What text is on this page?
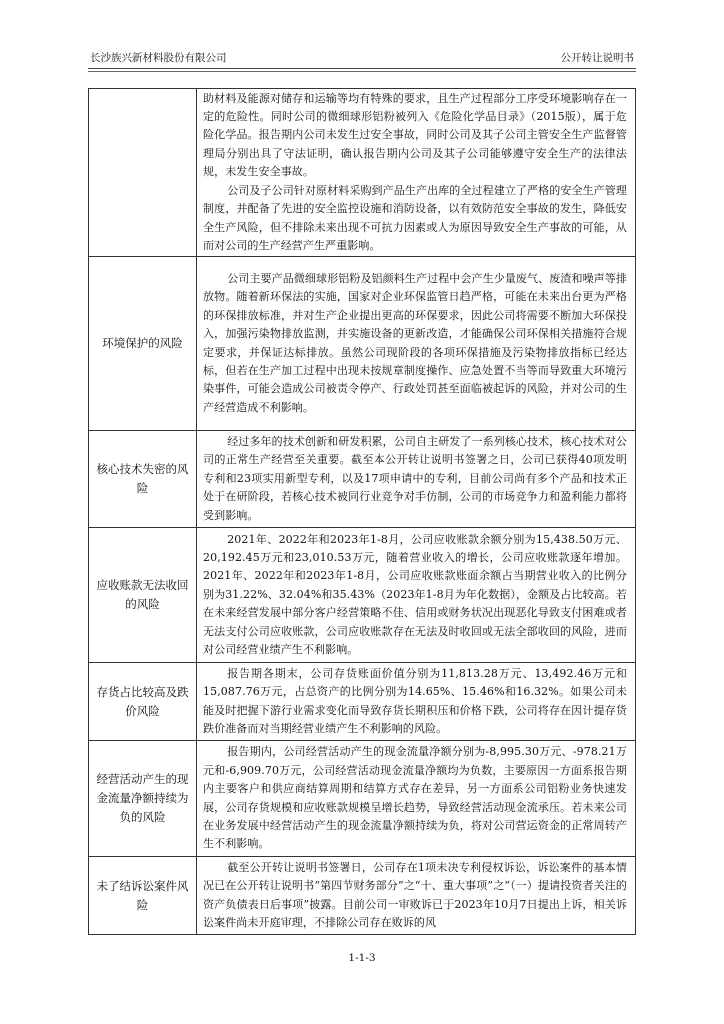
长沙族兴新材料股份有限公司	公开转让说明书

	助材料及能源对储存和运输等均有特殊的要求，且生产过程部分工序受环境影响存在一定的危险性。同时公司的微细球形铝粉被列入《危险化学品目录》（2015版），属于危险化学品。报告期内公司未发生过安全事故，同时公司及其子公司主管安全生产监督管理局分别出具了守法证明，确认报告期内公司及其子公司能够遵守安全生产的法律法规，未发生安全事故。

公司及子公司针对原材料采购到产品生产出库的全过程建立了严格的安全生产管理制度，并配备了先进的安全监控设施和消防设备，以有效防范安全事故的发生，降低安全生产风险，但不排除未来出现不可抗力因素或人为原因导致安全生产事故的可能，从而对公司的生产经营产生严重影响。

环境保护的风险	公司主要产品微细球形铝粉及铝颜料生产过程中会产生少量废气、废渣和噪声等排放物。随着新环保法的实施，国家对企业环保监管日趋严格，可能在未来出台更为严格的环保排放标准，并对生产企业提出更高的环保要求，因此公司将需要不断加大环保投入，加强污染物排放监测，并实施设备的更新改造，才能确保公司环保相关措施符合规定要求，并保证达标排放。虽然公司现阶段的各项环保措施及污染物排放指标已经达标，但若在生产加工过程中出现未按规章制度操作、应急处置不当等而导致重大环境污染事件，可能会造成公司被责令停产、行政处罚甚至面临被起诉的风险，并对公司的生产经营造成不利影响。

核心技术失密的风险	经过多年的技术创新和研发积累，公司自主研发了一系列核心技术，核心技术对公司的正常生产经营至关重要。截至本公开转让说明书签署之日，公司已获得40项发明专利和23项实用新型专利，以及17项申请中的专利，目前公司尚有多个产品和技术正处于在研阶段，若核心技术被同行业竞争对手仿制，公司的市场竞争力和盈利能力都将受到影响。

应收账款无法收回的风险	2021年、2022年和2023年1-8月，公司应收账款余额分别为15,438.50万元、20,192.45万元和23,010.53万元，随着营业收入的增长，公司应收账款逐年增加。2021年、2022年和2023年1-8月，公司应收账款账面余额占当期营业收入的比例分别为31.22%、32.04%和35.43%（2023年1-8月为年化数据），金额及占比较高。若在未来经营发展中部分客户经营策略不佳、信用或财务状况出现恶化导致支付困难或者无法支付公司应收账款，公司应收账款存在无法及时收回或无法全部收回的风险，进而对公司经营业绩产生不利影响。

存货占比较高及跌价风险	报告期各期末，公司存货账面价值分别为11,813.28万元、13,492.46万元和15,087.76万元，占总资产的比例分别为14.65%、15.46%和16.32%。如果公司未能及时把握下游行业需求变化而导致存货长期积压和价格下跌，公司将存在因计提存货跌价准备而对当期经营业绩产生不利影响的风险。

经营活动产生的现金流量净额持续为负的风险	报告期内，公司经营活动产生的现金流量净额分别为-8,995.30万元、-978.21万元和-6,909.70万元，公司经营活动现金流量净额均为负数，主要原因一方面系报告期内主要客户和供应商结算周期和结算方式存在差异，另一方面系公司铝粉业务快速发展，公司存货规模和应收账款规模呈增长趋势，导致经营活动现金流承压。若未来公司在业务发展中经营活动产生的现金流量净额持续为负，将对公司营运资金的正常周转产生不利影响。

未了结诉讼案件风险	截至公开转让说明书签署日，公司存在1项未决专利侵权诉讼，诉讼案件的基本情况已在公开转让说明书“第四节财务部分”之“十、重大事项”之“（一）提请投资者关注的资产负债表日后事项”披露。目前公司一审败诉已于2023年10月7日提出上诉，相关诉讼案件尚未开庭审理，不排除公司存在败诉的风

1-1-3
